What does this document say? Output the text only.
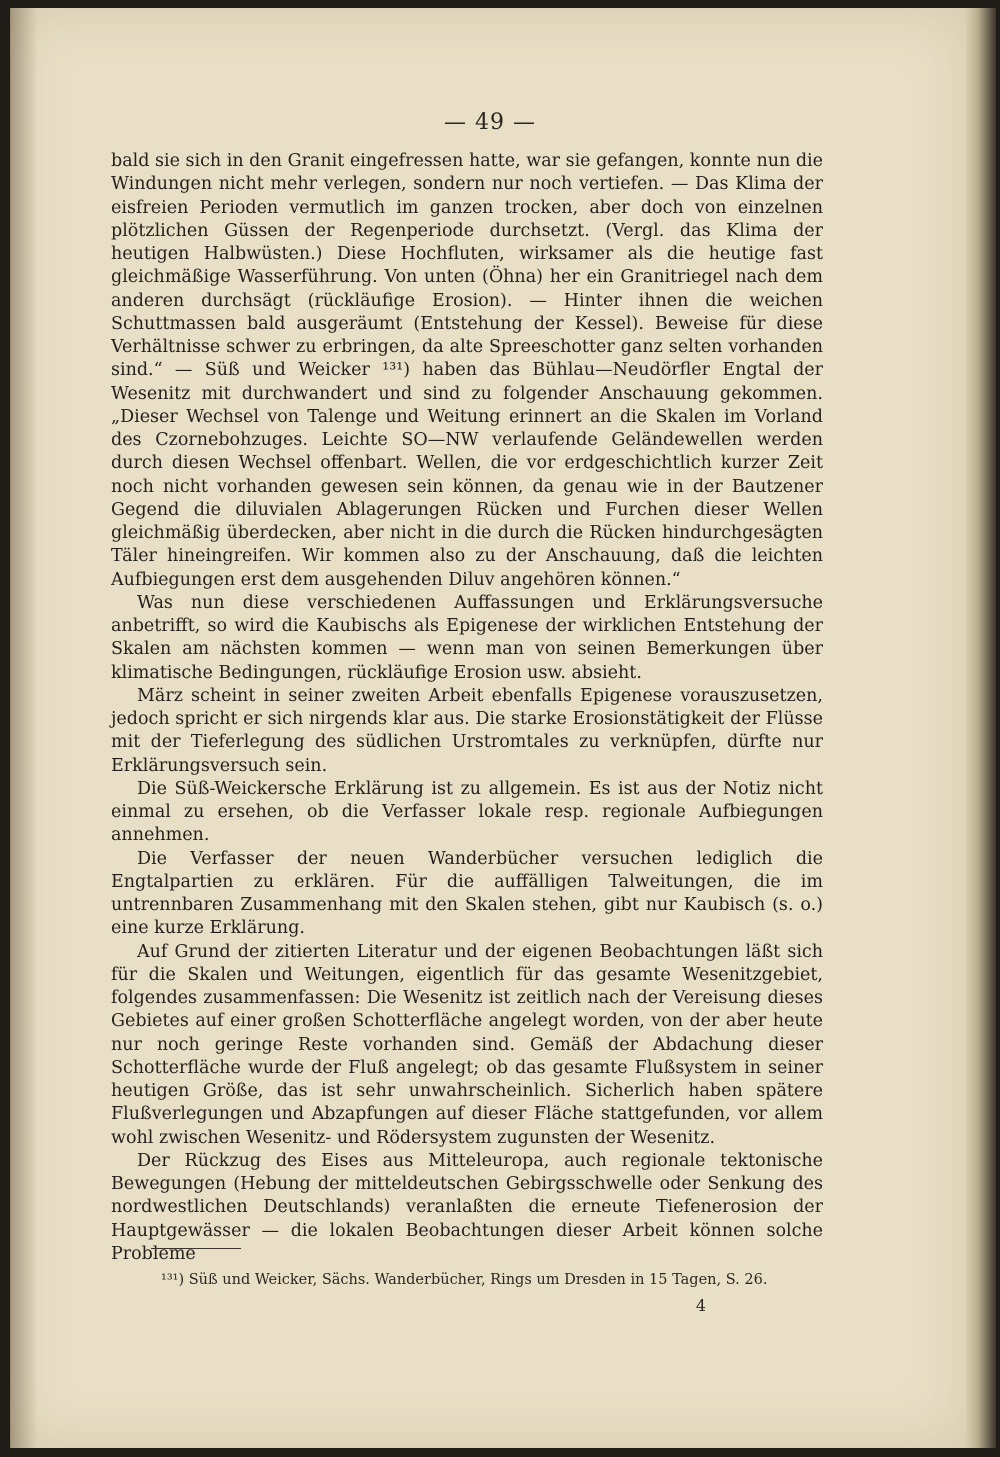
— 49 —

bald sie sich in den Granit eingefressen hatte, war sie gefangen, konnte nun die Windungen nicht mehr verlegen, sondern nur noch vertiefen. — Das Klima der eisfreien Perioden vermutlich im ganzen trocken, aber doch von einzelnen plötzlichen Güssen der Regenperiode durchsetzt. (Vergl. das Klima der heutigen Halbwüsten.) Diese Hochfluten, wirksamer als die heutige fast gleichmäßige Wasserführung. Von unten (Öhna) her ein Granitriegel nach dem anderen durchsägt (rückläufige Erosion). — Hinter ihnen die weichen Schuttmassen bald ausgeräumt (Entstehung der Kessel). Beweise für diese Verhältnisse schwer zu erbringen, da alte Spreeschotter ganz selten vorhanden sind.“ — Süß und Weicker ¹³¹) haben das Bühlau—Neudörfler Engtal der Wesenitz mit durchwandert und sind zu folgender Anschauung gekommen. „Dieser Wechsel von Talenge und Weitung erinnert an die Skalen im Vorland des Czornebohzuges. Leichte SO—NW verlaufende Geländewellen werden durch diesen Wechsel offenbart. Wellen, die vor erdgeschichtlich kurzer Zeit noch nicht vorhanden gewesen sein können, da genau wie in der Bautzener Gegend die diluvialen Ablagerungen Rücken und Furchen dieser Wellen gleichmäßig überdecken, aber nicht in die durch die Rücken hindurchgesägten Täler hineingreifen. Wir kommen also zu der Anschauung, daß die leichten Aufbiegungen erst dem ausgehenden Diluv angehören können.“

Was nun diese verschiedenen Auffassungen und Erklärungsversuche anbetrifft, so wird die Kaubischs als Epigenese der wirklichen Entstehung der Skalen am nächsten kommen — wenn man von seinen Bemerkungen über klimatische Bedingungen, rückläufige Erosion usw. absieht.

März scheint in seiner zweiten Arbeit ebenfalls Epigenese vorauszusetzen, jedoch spricht er sich nirgends klar aus. Die starke Erosionstätigkeit der Flüsse mit der Tieferlegung des südlichen Urstromtales zu verknüpfen, dürfte nur Erklärungsversuch sein.

Die Süß-Weickersche Erklärung ist zu allgemein. Es ist aus der Notiz nicht einmal zu ersehen, ob die Verfasser lokale resp. regionale Aufbiegungen annehmen.

Die Verfasser der neuen Wanderbücher versuchen lediglich die Engtalpartien zu erklären. Für die auffälligen Talweitungen, die im untrennbaren Zusammenhang mit den Skalen stehen, gibt nur Kaubisch (s. o.) eine kurze Erklärung.

Auf Grund der zitierten Literatur und der eigenen Beobachtungen läßt sich für die Skalen und Weitungen, eigentlich für das gesamte Wesenitzgebiet, folgendes zusammenfassen: Die Wesenitz ist zeitlich nach der Vereisung dieses Gebietes auf einer großen Schotterfläche angelegt worden, von der aber heute nur noch geringe Reste vorhanden sind. Gemäß der Abdachung dieser Schotterfläche wurde der Fluß angelegt; ob das gesamte Flußsystem in seiner heutigen Größe, das ist sehr unwahrscheinlich. Sicherlich haben spätere Flußverlegungen und Abzapfungen auf dieser Fläche stattgefunden, vor allem wohl zwischen Wesenitz- und Rödersystem zugunsten der Wesenitz.

Der Rückzug des Eises aus Mitteleuropa, auch regionale tektonische Bewegungen (Hebung der mitteldeutschen Gebirgsschwelle oder Senkung des nordwestlichen Deutschlands) veranlaßten die erneute Tiefenerosion der Hauptgewässer — die lokalen Beobachtungen dieser Arbeit können solche Probleme

¹³¹) Süß und Weicker, Sächs. Wanderbücher, Rings um Dresden in 15 Tagen, S. 26.
4
